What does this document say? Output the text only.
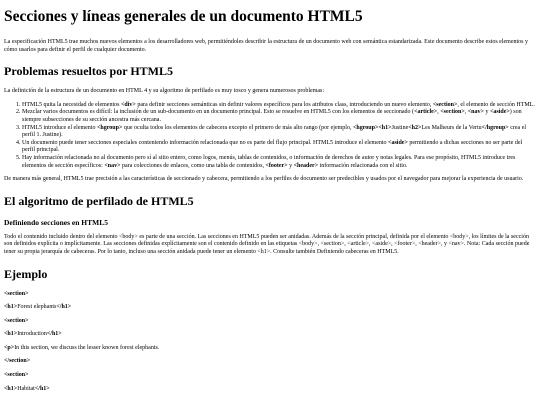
Secciones y líneas generales de un documento HTML5

La especificación HTML5 trae muchos nuevos elementos a los desarrolladores web, permitiéndoles describir la estructura de un documento web con semántica estandarizada. Este documento describe estos elementos y cómo usarlos para definir el perfil de cualquier documento.

Problemas resueltos por HTML5

La definición de la estructura de un documento en HTML 4 y su algoritmo de perfilado es muy tosco y genera numerosos problemas:

1. HTML5 quita la necesidad de elementos <div> para definir secciones semánticas sin definir valores específicos para los atributos class, introduciendo un nuevo elemento, <section>, el elemento de sección HTML.
2. Mezclar varios documentos es difícil: la inclusión de un sub-documento en un documento principal. Esto se resuelve en HTML5 con los elementos de seccionado (<article>, <section>, <nav> y <aside>) son siempre subsecciones de su sección ancestra más cercana.
3. HTML5 introduce el elemento <hgroup> que oculta todos los elementos de cabecera excepto el primero de más alto rango (por ejemplo, <hgroup><h1>Justine<h2>Les Malheurs de la Vertu</hgroup> crea el perfil 1. Justine).
4. Un documento puede tener secciones especiales conteniendo información relacionada que no es parte del flujo principal. HTML5 introduce el elemento <aside> permitiendo a dichas secciones no ser parte del perfil principal.
5. Hay información relacionada no al documento pero sí al sitio entero, como logos, menús, tablas de contenidos, o información de derechos de autor y notas legales. Para ese propósito, HTML5 introduce tres elementos de sección específicos: <nav> para colecciones de enlaces, como una tabla de contenidos, <footer> y <header> información relacionada con el sitio.

De manera más general, HTML5 trae precisión a las características de seccionado y cabecera, permitiendo a los perfiles de documento ser predecibles y usados por el navegador para mejorar la experiencia de usuario.

El algoritmo de perfilado de HTML5
Definiendo secciones en HTML5

Todo el contenido incluido dentro del elemento <body> es parte de una sección. Las secciones en HTML5 pueden ser anidadas. Además de la sección principal, definida por el elemento <body>, los límites de la sección son definidos explícita o implícitamente. Las secciones definidas explícitamente son el contenido definido en las etiquetas <body>, <section>, <article>, <aside>, <footer>, <header>, y <nav>. Nota: Cada sección puede tener su propia jerarquía de cabeceras. Por lo tanto, incluso una sección anidada puede tener un elemento <h1>. Consulte también Definiendo cabeceras en HTML5.

Ejemplo

<section>

<h1>Forest elephants</h1>

<section>

<h1>Introduction</h1>

<p>In this section, we discuss the lesser known forest elephants.

</section>

<section>

<h1>Habitat</h1>
